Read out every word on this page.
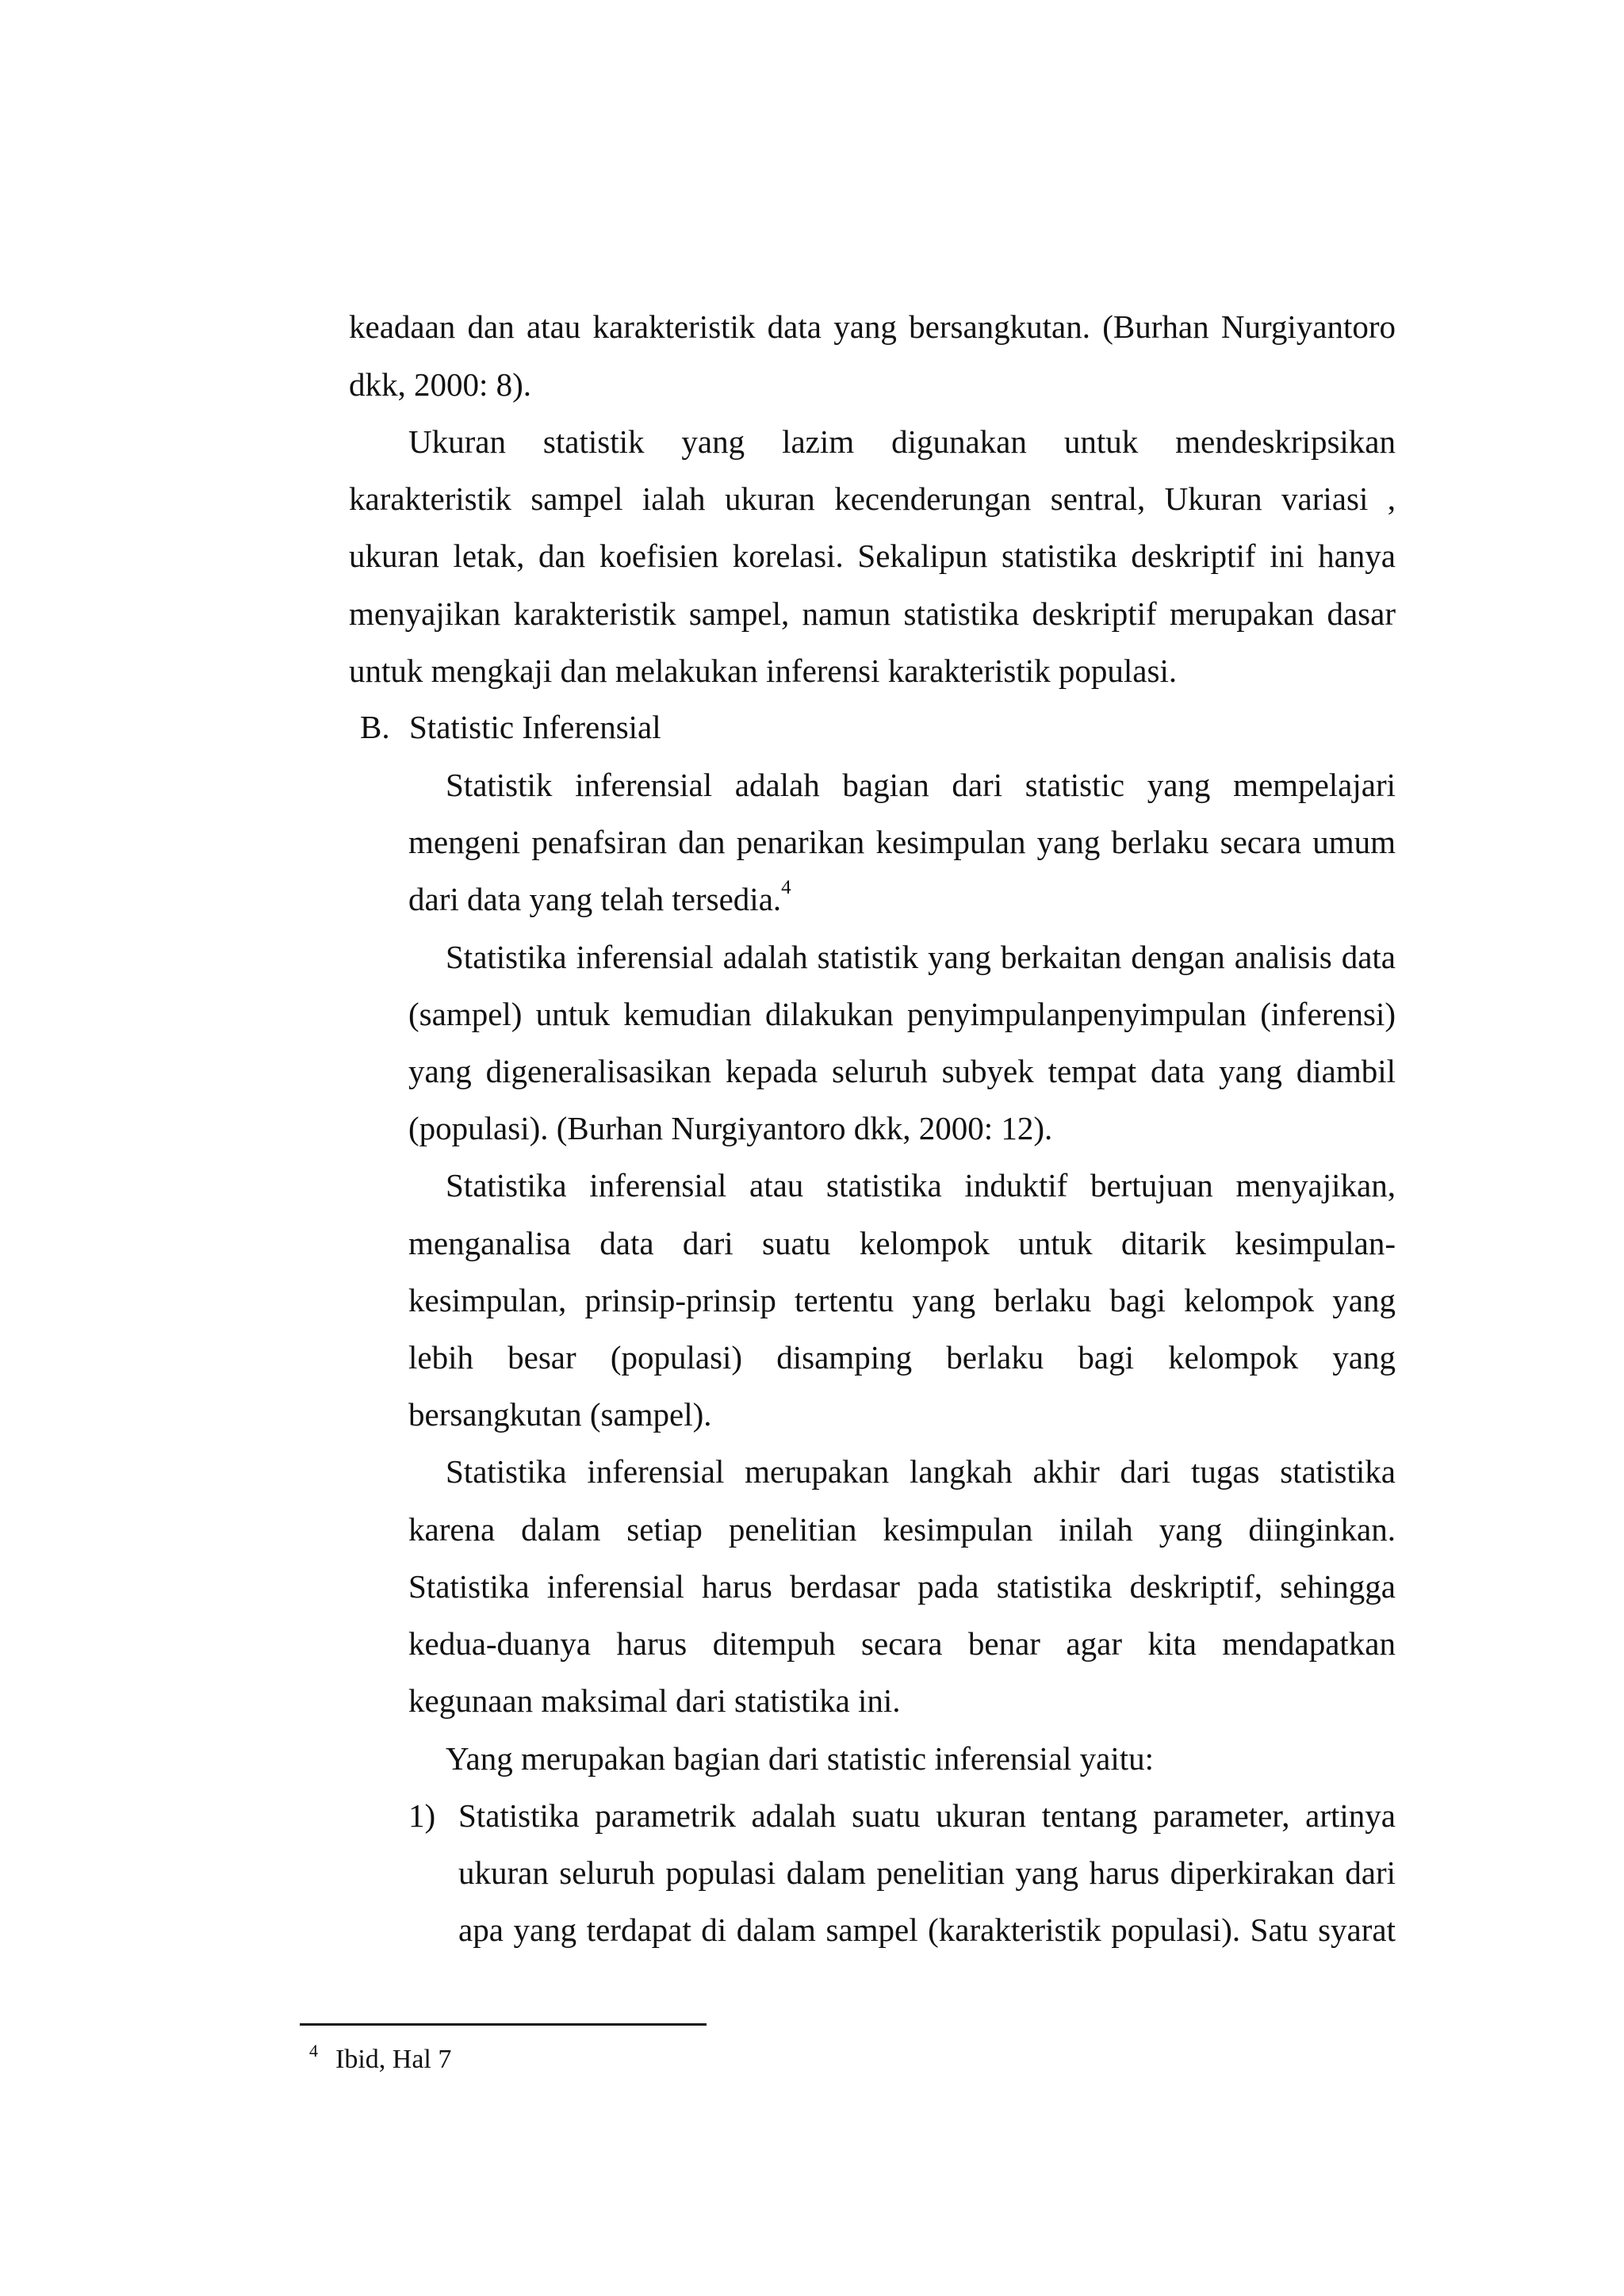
keadaan dan atau karakteristik data yang bersangkutan. (Burhan Nurgiyantoro
dkk, 2000: 8).
Ukuran statistik yang lazim digunakan untuk mendeskripsikan
karakteristik sampel ialah ukuran kecenderungan sentral, Ukuran variasi ,
ukuran letak, dan koefisien korelasi. Sekalipun statistika deskriptif ini hanya
menyajikan karakteristik sampel, namun statistika deskriptif merupakan dasar
untuk mengkaji dan melakukan inferensi karakteristik populasi.
B. Statistic Inferensial
Statistik inferensial adalah bagian dari statistic yang mempelajari
mengeni penafsiran dan penarikan kesimpulan yang berlaku secara umum
dari data yang telah tersedia.$^4$
Statistika inferensial adalah statistik yang berkaitan dengan analisis data
(sampel) untuk kemudian dilakukan penyimpulanpenyimpulan (inferensi)
yang digeneralisasikan kepada seluruh subyek tempat data yang diambil
(populasi). (Burhan Nurgiyantoro dkk, 2000: 12).
Statistika inferensial atau statistika induktif bertujuan menyajikan,
menganalisa data dari suatu kelompok untuk ditarik kesimpulan-
kesimpulan, prinsip-prinsip tertentu yang berlaku bagi kelompok yang
lebih besar (populasi) disamping berlaku bagi kelompok yang
bersangkutan (sampel).
Statistika inferensial merupakan langkah akhir dari tugas statistika
karena dalam setiap penelitian kesimpulan inilah yang diinginkan.
Statistika inferensial harus berdasar pada statistika deskriptif, sehingga
kedua-duanya harus ditempuh secara benar agar kita mendapatkan
kegunaan maksimal dari statistika ini.
Yang merupakan bagian dari statistic inferensial yaitu:
1) Statistika parametrik adalah suatu ukuran tentang parameter, artinya
ukuran seluruh populasi dalam penelitian yang harus diperkirakan dari
apa yang terdapat di dalam sampel (karakteristik populasi). Satu syarat
$^4$ Ibid, Hal 7
